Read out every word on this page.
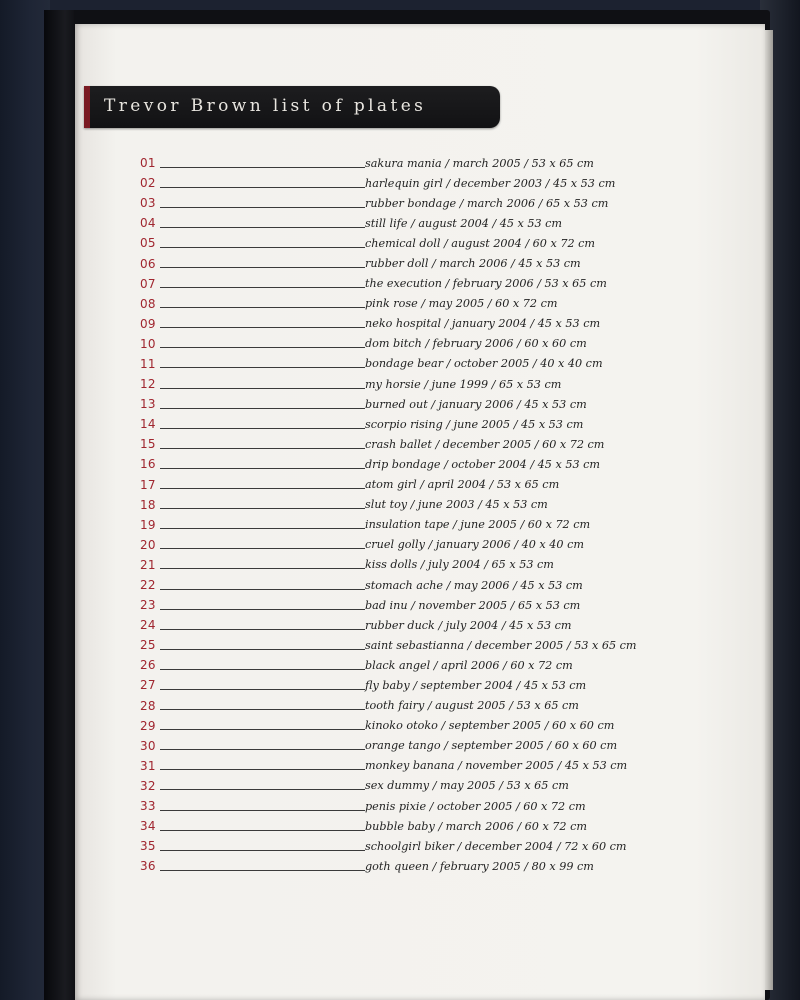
Trevor Brown list of plates
01	sakura mania / march 2005 / 53 x 65 cm
02	harlequin girl / december 2003 / 45 x 53 cm
03	rubber bondage / march 2006 / 65 x 53 cm
04	still life / august 2004 / 45 x 53 cm
05	chemical doll / august 2004 / 60 x 72 cm
06	rubber doll / march 2006 / 45 x 53 cm
07	the execution / february 2006 / 53 x 65 cm
08	pink rose / may 2005 / 60 x 72 cm
09	neko hospital / january 2004 / 45 x 53 cm
10	dom bitch / february 2006 / 60 x 60 cm
11	bondage bear / october 2005 / 40 x 40 cm
12	my horsie / june 1999 / 65 x 53 cm
13	burned out / january 2006 / 45 x 53 cm
14	scorpio rising / june 2005 / 45 x 53 cm
15	crash ballet / december 2005 / 60 x 72 cm
16	drip bondage / october 2004 / 45 x 53 cm
17	atom girl / april 2004 / 53 x 65 cm
18	slut toy / june 2003 / 45 x 53 cm
19	insulation tape / june 2005 / 60 x 72 cm
20	cruel golly / january 2006 / 40 x 40 cm
21	kiss dolls / july 2004 / 65 x 53 cm
22	stomach ache / may 2006 / 45 x 53 cm
23	bad inu / november 2005 / 65 x 53 cm
24	rubber duck / july 2004 / 45 x 53 cm
25	saint sebastianna / december 2005 / 53 x 65 cm
26	black angel / april 2006 / 60 x 72 cm
27	fly baby / september 2004 / 45 x 53 cm
28	tooth fairy / august 2005 / 53 x 65 cm
29	kinoko otoko / september 2005 / 60 x 60 cm
30	orange tango / september 2005 / 60 x 60 cm
31	monkey banana / november 2005 / 45 x 53 cm
32	sex dummy / may 2005 / 53 x 65 cm
33	penis pixie / october 2005 / 60 x 72 cm
34	bubble baby / march 2006 / 60 x 72 cm
35	schoolgirl biker / december 2004 / 72 x 60 cm
36	goth queen / february 2005 / 80 x 99 cm
